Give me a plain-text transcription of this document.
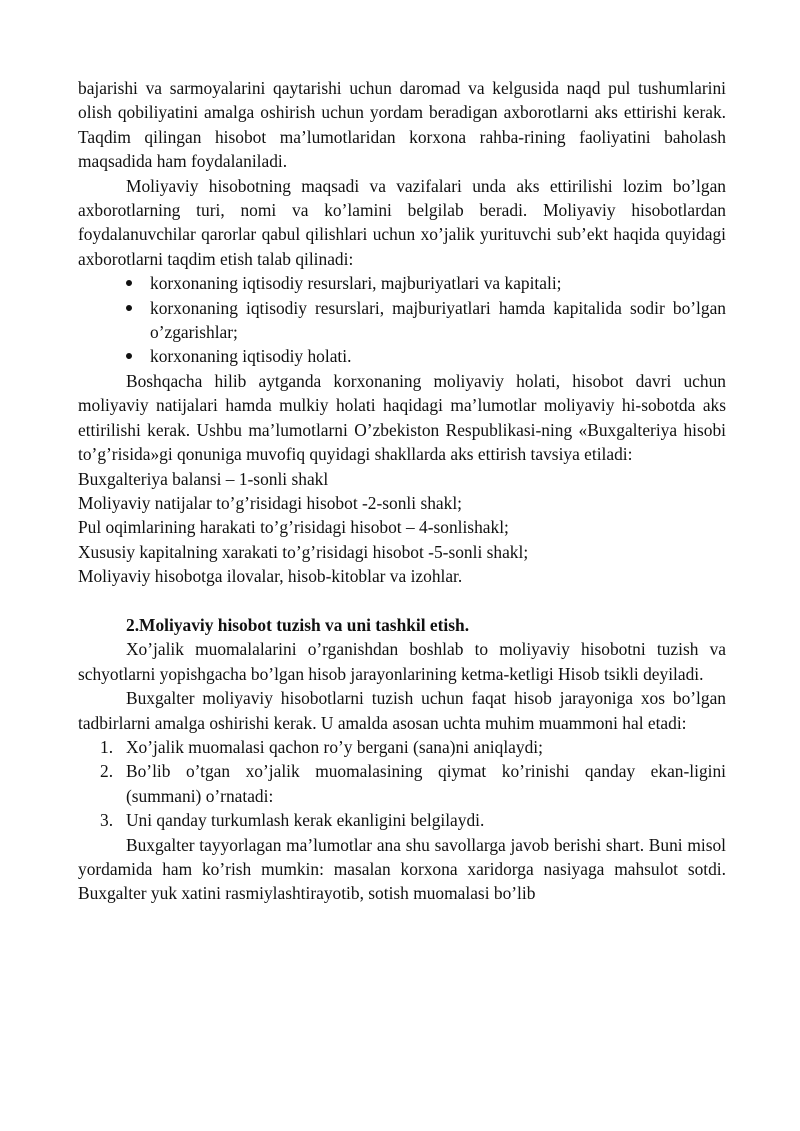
bajarishi va sarmoyalarini qaytarishi uchun daromad va kelgusida naqd pul tushumlarini olish qobiliyatini amalga oshirish uchun yordam beradigan axborotlarni aks ettirishi kerak. Taqdim qilingan hisobot ma’lumotlaridan korxona rahba-rining faoliyatini baholash maqsadida ham foydalaniladi.

Moliyaviy hisobotning maqsadi va vazifalari unda aks ettirilishi lozim bo’lgan axborotlarning turi, nomi va ko’lamini belgilab beradi. Moliyaviy hisobotlardan foydalanuvchilar qarorlar qabul qilishlari uchun xo’jalik yurituvchi sub’ekt haqida quyidagi axborotlarni taqdim etish talab qilinadi:

korxonaning iqtisodiy resurslari, majburiyatlari va kapitali;
korxonaning iqtisodiy resurslari, majburiyatlari hamda kapitalida sodir bo’lgan o’zgarishlar;
korxonaning iqtisodiy holati.

Boshqacha hilib aytganda korxonaning moliyaviy holati, hisobot davri uchun moliyaviy natijalari hamda mulkiy holati haqidagi ma’lumotlar moliyaviy hi-sobotda aks ettirilishi kerak. Ushbu ma’lumotlarni O’zbekiston Respublikasi-ning «Buxgalteriya hisobi to’g’risida»gi qonuniga muvofiq quyidagi shakllarda aks ettirish tavsiya etiladi:

Buxgalteriya balansi – 1-sonli shakl

Moliyaviy natijalar to’g’risidagi hisobot -2-sonli shakl;

Pul oqimlarining harakati to’g’risidagi hisobot – 4-sonlishakl;

Xususiy kapitalning xarakati to’g’risidagi hisobot -5-sonli shakl;

Moliyaviy hisobotga ilovalar, hisob-kitoblar va izohlar.

2.Moliyaviy hisobot tuzish va uni tashkil etish.

Xo’jalik muomalalarini o’rganishdan boshlab to moliyaviy hisobotni tuzish va schyotlarni yopishgacha bo’lgan hisob jarayonlarining ketma-ketligi Hisob tsikli deyiladi.

Buxgalter moliyaviy hisobotlarni tuzish uchun faqat hisob jarayoniga xos bo’lgan tadbirlarni amalga oshirishi kerak. U amalda asosan uchta muhim muammoni hal etadi:

1. Xo’jalik muomalasi qachon ro’y bergani (sana)ni aniqlaydi;
2. Bo’lib o’tgan xo’jalik muomalasining qiymat ko’rinishi qanday ekan-ligini (summani) o’rnatadi:
3. Uni qanday turkumlash kerak ekanligini belgilaydi.

Buxgalter tayyorlagan ma’lumotlar ana shu savollarga javob berishi shart. Buni misol yordamida ham ko’rish mumkin: masalan korxona xaridorga nasiyaga mahsulot sotdi. Buxgalter yuk xatini rasmiylashtirayotib, sotish muomalasi bo’lib
